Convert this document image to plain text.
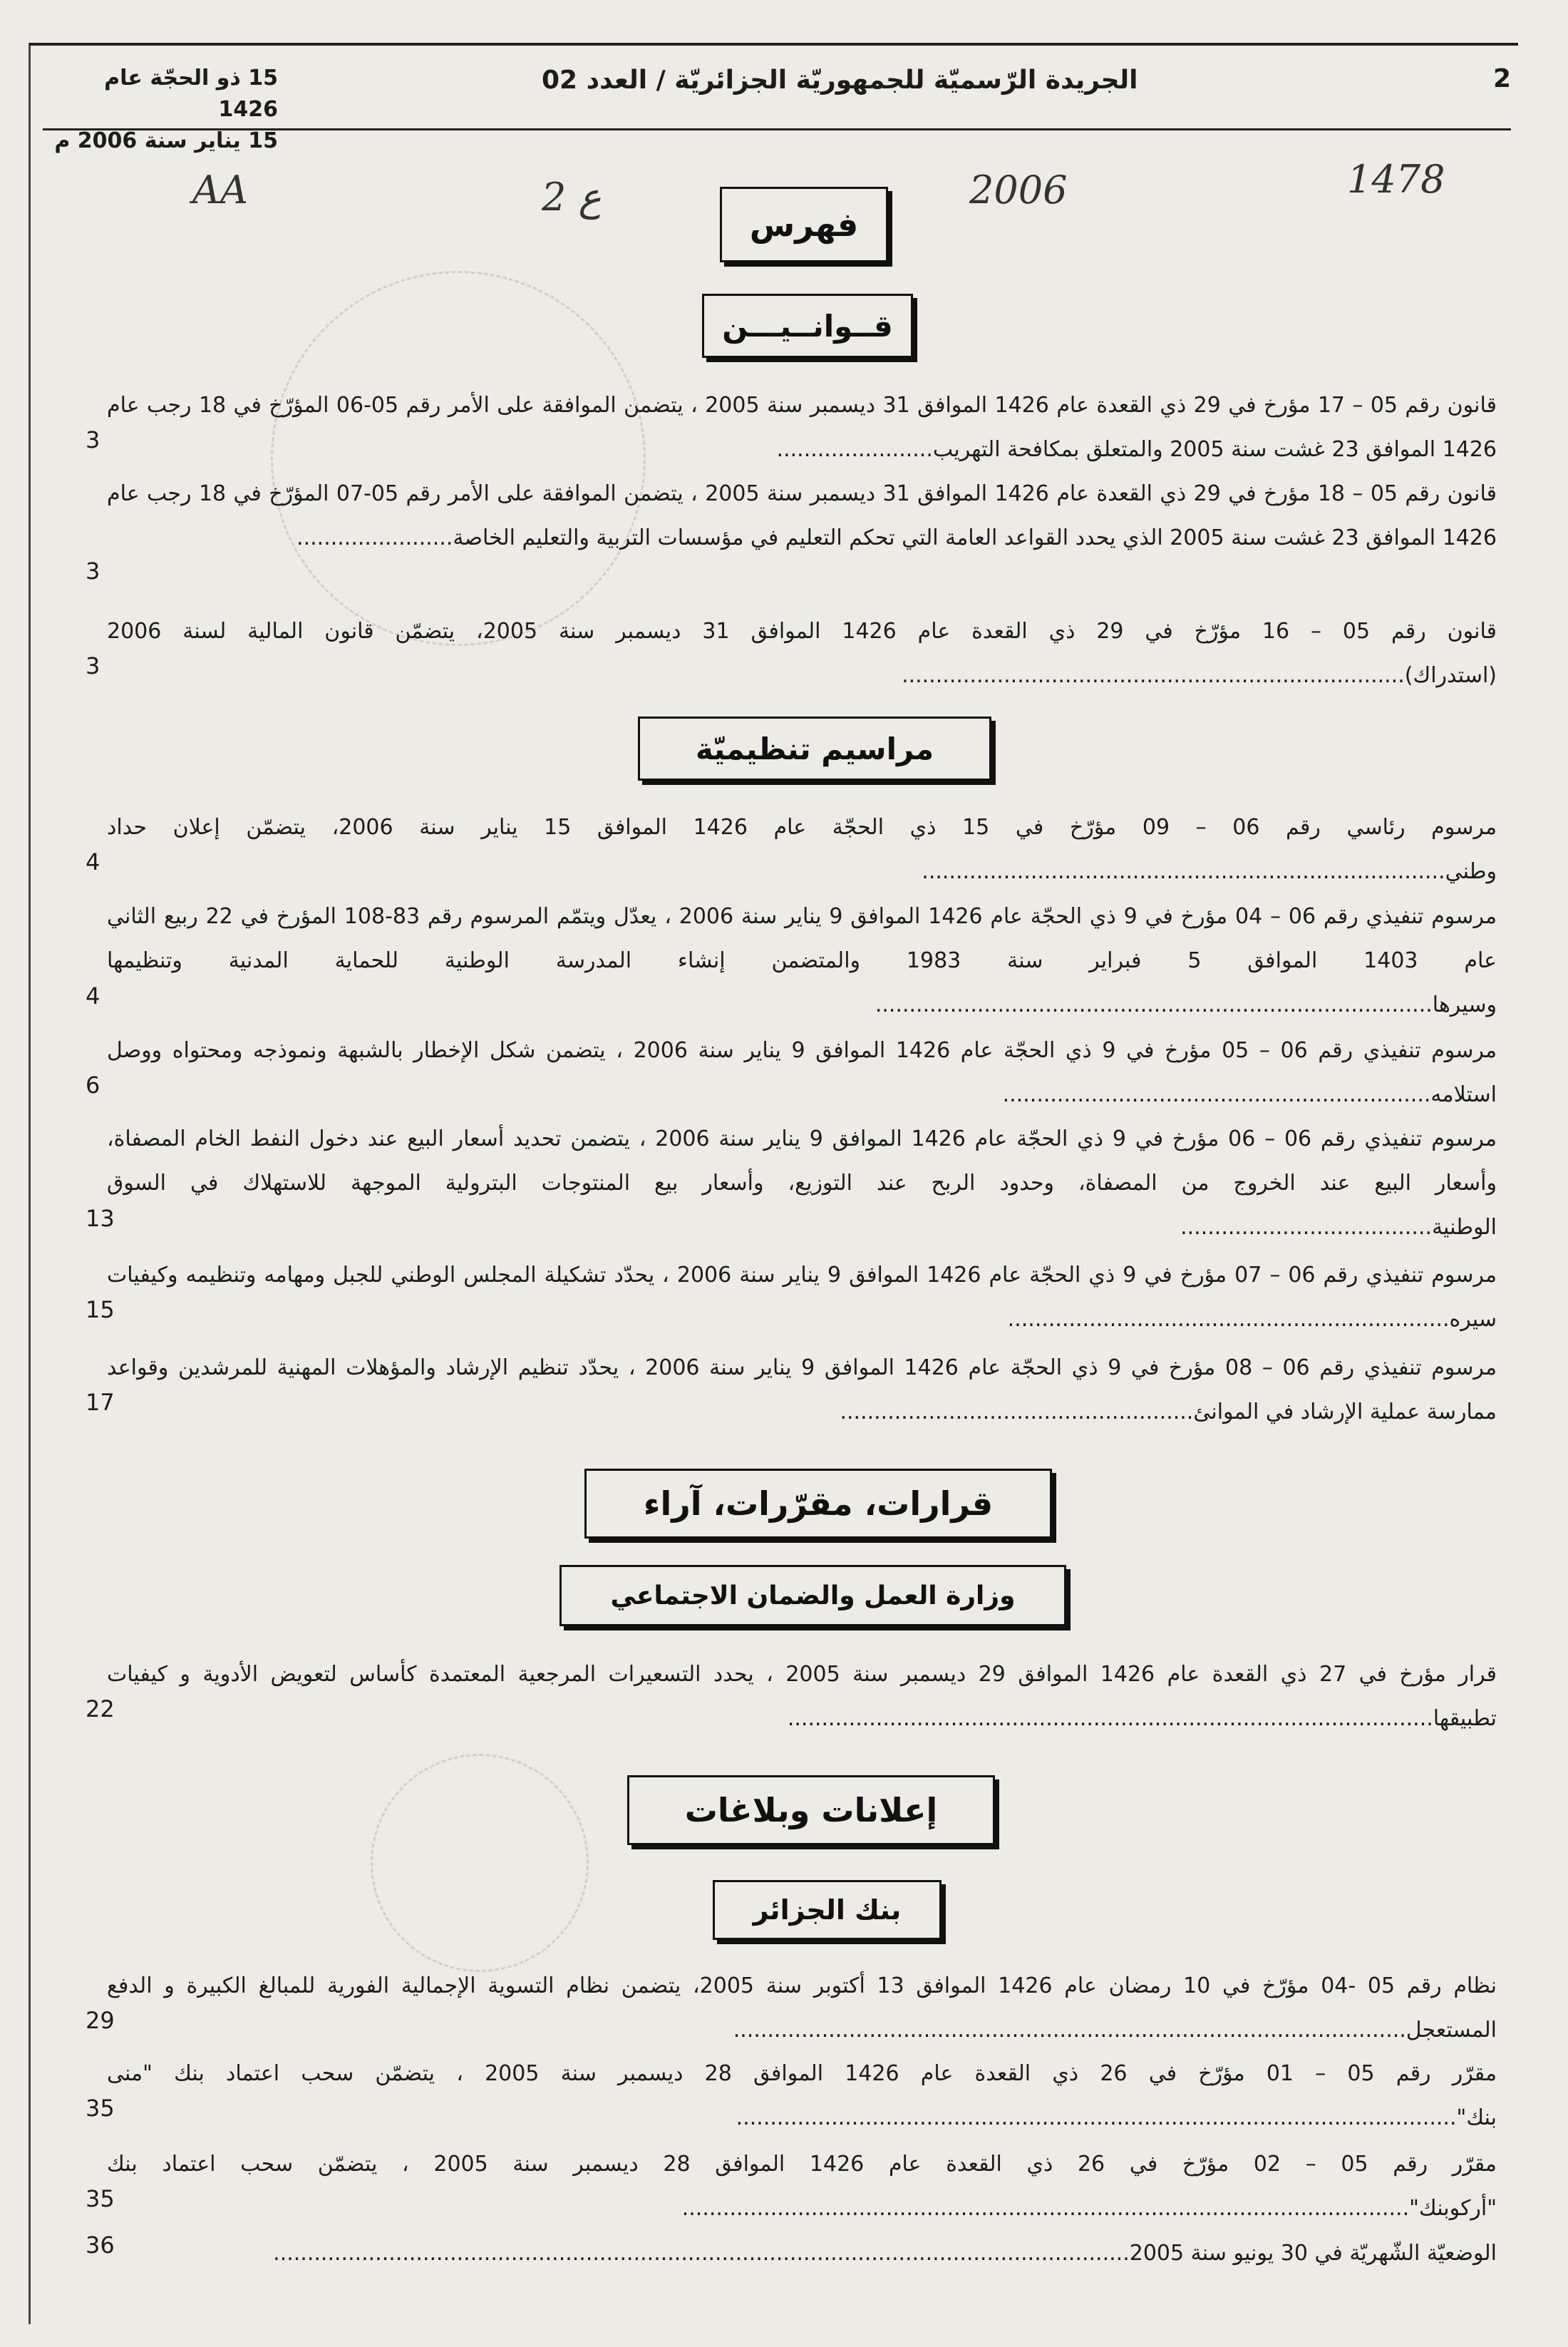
2
الجريدة الرّسميّة للجمهوريّة الجزائريّة / العدد 02
15 ذو الحجّة عام 1426
15 يناير سنة 2006 م
AA	2 ع	2006	1478
فهرس
قــوانــيـــن
قانون رقم 05 – 17 مؤرخ في 29 ذي القعدة عام 1426 الموافق 31 ديسمبر سنة 2005 ، يتضمن الموافقة على الأمر رقم 05-06 المؤرّخ في 18 رجب عام 1426 الموافق 23 غشت سنة 2005 والمتعلق بمكافحة التهريب.......................
3
قانون رقم 05 – 18 مؤرخ في 29 ذي القعدة عام 1426 الموافق 31 ديسمبر سنة 2005 ، يتضمن الموافقة على الأمر رقم 05-07 المؤرّخ في 18 رجب عام 1426 الموافق 23 غشت سنة 2005 الذي يحدد القواعد العامة التي تحكم التعليم في مؤسسات التربية والتعليم الخاصة.......................
3
قانون رقم 05 – 16 مؤرّخ في 29 ذي القعدة عام 1426 الموافق 31 ديسمبر سنة 2005، يتضمّن قانون المالية لسنة 2006 (استدراك)..........................................................................
3
مراسيم تنظيميّة
مرسوم رئاسي رقم 06 – 09 مؤرّخ في 15 ذي الحجّة عام 1426 الموافق 15 يناير سنة 2006، يتضمّن إعلان حداد وطني.............................................................................
4
مرسوم تنفيذي رقم 06 – 04 مؤرخ في 9 ذي الحجّة عام 1426 الموافق 9 يناير سنة 2006 ، يعدّل ويتمّم المرسوم رقم 83-108 المؤرخ في 22 ربيع الثاني عام 1403 الموافق 5 فبراير سنة 1983 والمتضمن إنشاء المدرسة الوطنية للحماية المدنية وتنظيمها وسيرها..................................................................................
4
مرسوم تنفيذي رقم 06 – 05 مؤرخ في 9 ذي الحجّة عام 1426 الموافق 9 يناير سنة 2006 ، يتضمن شكل الإخطار بالشبهة ونموذجه ومحتواه ووصل استلامه...............................................................
6
مرسوم تنفيذي رقم 06 – 06 مؤرخ في 9 ذي الحجّة عام 1426 الموافق 9 يناير سنة 2006 ، يتضمن تحديد أسعار البيع عند دخول النفط الخام المصفاة، وأسعار البيع عند الخروج من المصفاة، وحدود الربح عند التوزيع، وأسعار بيع المنتوجات البترولية الموجهة للاستهلاك في السوق الوطنية.....................................
13
مرسوم تنفيذي رقم 06 – 07 مؤرخ في 9 ذي الحجّة عام 1426 الموافق 9 يناير سنة 2006 ، يحدّد تشكيلة المجلس الوطني للجبل ومهامه وتنظيمه وكيفيات سيره.................................................................
15
مرسوم تنفيذي رقم 06 – 08 مؤرخ في 9 ذي الحجّة عام 1426 الموافق 9 يناير سنة 2006 ، يحدّد تنظيم الإرشاد والمؤهلات المهنية للمرشدين وقواعد ممارسة عملية الإرشاد في الموانئ....................................................
17
قرارات، مقرّرات، آراء
وزارة العمل والضمان الاجتماعي
قرار مؤرخ في 27 ذي القعدة عام 1426 الموافق 29 ديسمبر سنة 2005 ، يحدد التسعيرات المرجعية المعتمدة كأساس لتعويض الأدوية و كيفيات تطبيقها...............................................................................................
22
إعلانات وبلاغات
بنك الجزائر
نظام رقم 05 -04 مؤرّخ في 10 رمضان عام 1426 الموافق 13 أكتوبر سنة 2005، يتضمن نظام التسوية الإجمالية الفورية للمبالغ الكبيرة و الدفع المستعجل...................................................................................................
29
مقرّر رقم 05 – 01 مؤرّخ في 26 ذي القعدة عام 1426 الموافق 28 ديسمبر سنة 2005 ، يتضمّن سحب اعتماد بنك "منى بنك"..........................................................................................................
35
مقرّر رقم 05 – 02 مؤرّخ في 26 ذي القعدة عام 1426 الموافق 28 ديسمبر سنة 2005 ، يتضمّن سحب اعتماد بنك "أركوبنك"...........................................................................................................
35
الوضعيّة الشّهريّة في 30 يونيو سنة 2005..............................................................................................................................
36
